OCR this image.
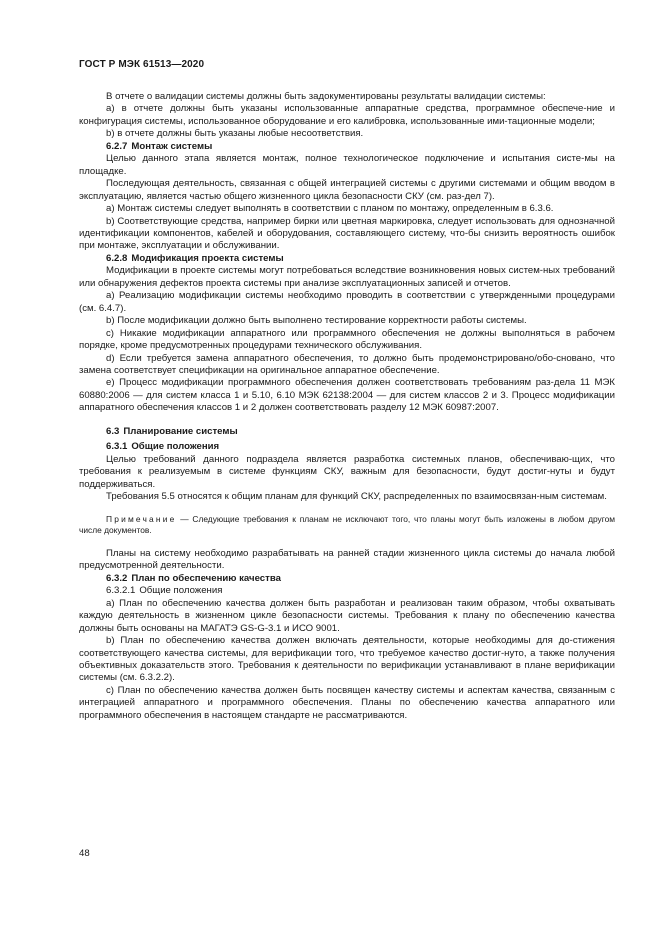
ГОСТ Р МЭК 61513—2020

В отчете о валидации системы должны быть задокументированы результаты валидации системы:

a) в отчете должны быть указаны использованные аппаратные средства, программное обеспече-ние и конфигурация системы, использованное оборудование и его калибровка, использованные ими-тационные модели;

b) в отчете должны быть указаны любые несоответствия.

6.2.7 Монтаж системы

Целью данного этапа является монтаж, полное технологическое подключение и испытания систе-мы на площадке.

Последующая деятельность, связанная с общей интеграцией системы с другими системами и общим вводом в эксплуатацию, является частью общего жизненного цикла безопасности СКУ (см. раз-дел 7).

a) Монтаж системы следует выполнять в соответствии с планом по монтажу, определенным в 6.3.6.

b) Соответствующие средства, например бирки или цветная маркировка, следует использовать для однозначной идентификации компонентов, кабелей и оборудования, составляющего систему, что-бы снизить вероятность ошибок при монтаже, эксплуатации и обслуживании.

6.2.8 Модификация проекта системы

Модификации в проекте системы могут потребоваться вследствие возникновения новых систем-ных требований или обнаружения дефектов проекта системы при анализе эксплуатационных записей и отчетов.

a) Реализацию модификации системы необходимо проводить в соответствии с утвержденными процедурами (см. 6.4.7).

b) После модификации должно быть выполнено тестирование корректности работы системы.

c) Никакие модификации аппаратного или программного обеспечения не должны выполняться в рабочем порядке, кроме предусмотренных процедурами технического обслуживания.

d) Если требуется замена аппаратного обеспечения, то должно быть продемонстрировано/обо-сновано, что замена соответствует спецификации на оригинальное аппаратное обеспечение.

e) Процесс модификации программного обеспечения должен соответствовать требованиям раз-дела 11 МЭК 60880:2006 — для систем класса 1 и 5.10, 6.10 МЭК 62138:2004 — для систем классов 2 и 3. Процесс модификации аппаратного обеспечения классов 1 и 2 должен соответствовать разделу 12 МЭК 60987:2007.

6.3 Планирование системы

6.3.1 Общие положения

Целью требований данного подраздела является разработка системных планов, обеспечиваю-щих, что требования к реализуемым в системе функциям СКУ, важным для безопасности, будут достиг-нуты и будут поддерживаться.

Требования 5.5 относятся к общим планам для функций СКУ, распределенных по взаимосвязан-ным системам.

Примечание — Следующие требования к планам не исключают того, что планы могут быть изложены в любом другом числе документов.

Планы на систему необходимо разрабатывать на ранней стадии жизненного цикла системы до начала любой предусмотренной деятельности.

6.3.2 План по обеспечению качества

6.3.2.1 Общие положения

a) План по обеспечению качества должен быть разработан и реализован таким образом, чтобы охватывать каждую деятельность в жизненном цикле безопасности системы. Требования к плану по обеспечению качества должны быть основаны на МАГАТЭ GS-G-3.1 и ИСО 9001.

b) План по обеспечению качества должен включать деятельности, которые необходимы для до-стижения соответствующего качества системы, для верификации того, что требуемое качество достиг-нуто, а также получения объективных доказательств этого. Требования к деятельности по верификации устанавливают в плане верификации системы (см. 6.3.2.2).

c) План по обеспечению качества должен быть посвящен качеству системы и аспектам качества, связанным с интеграцией аппаратного и программного обеспечения. Планы по обеспечению качества аппаратного или программного обеспечения в настоящем стандарте не рассматриваются.

48
